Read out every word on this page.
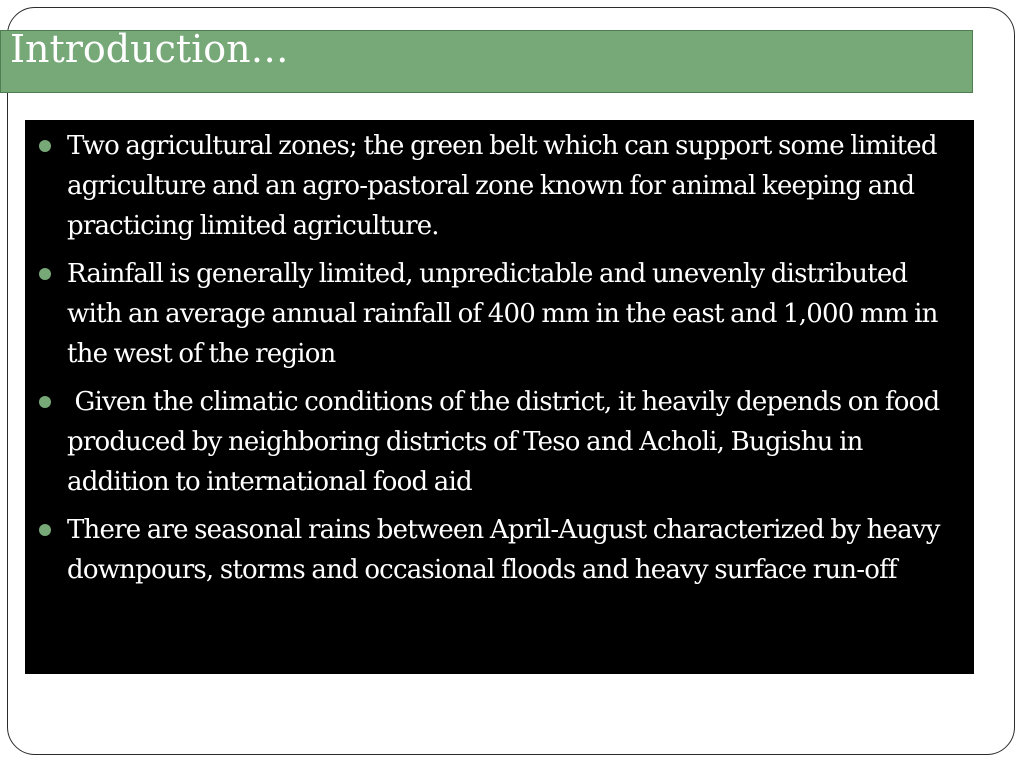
Introduction…
Two agricultural zones; the green belt which can support some limited agriculture and an agro-pastoral zone known for animal keeping and practicing limited agriculture.
Rainfall is generally limited, unpredictable and unevenly distributed with an average annual rainfall of 400 mm in the east and 1,000 mm in the west of the region
Given the climatic conditions of the district, it heavily depends on food produced by neighboring districts of Teso and Acholi, Bugishu in addition to international food aid
There are seasonal rains between April-August characterized by heavy downpours, storms and occasional floods and heavy surface run-off
